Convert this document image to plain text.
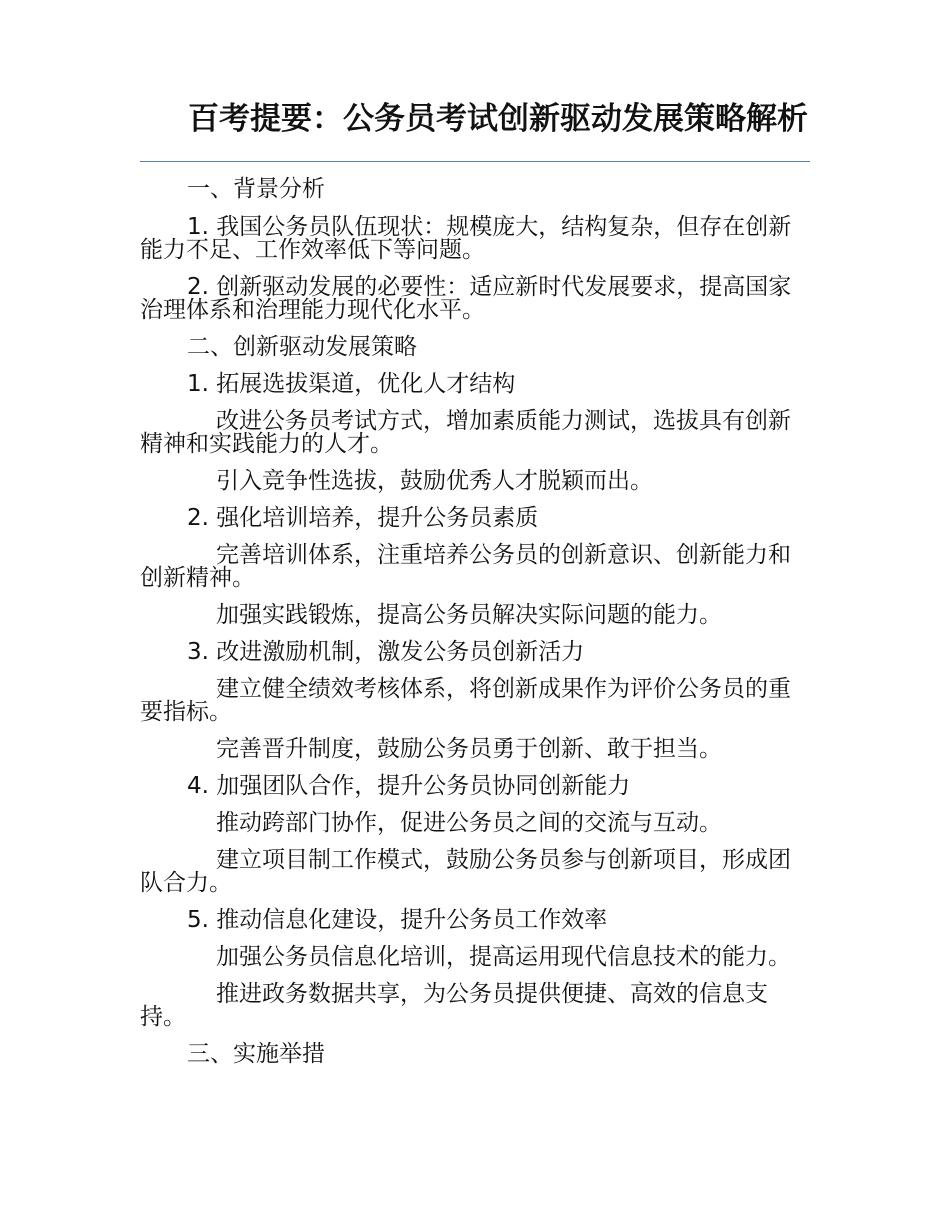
百考提要：公务员考试创新驱动发展策略解析

一、背景分析

1. 我国公务员队伍现状：规模庞大，结构复杂，但存在创新能力不足、工作效率低下等问题。

2. 创新驱动发展的必要性：适应新时代发展要求，提高国家治理体系和治理能力现代化水平。

二、创新驱动发展策略

1. 拓展选拔渠道，优化人才结构

改进公务员考试方式，增加素质能力测试，选拔具有创新精神和实践能力的人才。

引入竞争性选拔，鼓励优秀人才脱颖而出。

2. 强化培训培养，提升公务员素质

完善培训体系，注重培养公务员的创新意识、创新能力和创新精神。

加强实践锻炼，提高公务员解决实际问题的能力。

3. 改进激励机制，激发公务员创新活力

建立健全绩效考核体系，将创新成果作为评价公务员的重要指标。

完善晋升制度，鼓励公务员勇于创新、敢于担当。

4. 加强团队合作，提升公务员协同创新能力

推动跨部门协作，促进公务员之间的交流与互动。

建立项目制工作模式，鼓励公务员参与创新项目，形成团队合力。

5. 推动信息化建设，提升公务员工作效率

加强公务员信息化培训，提高运用现代信息技术的能力。

推进政务数据共享，为公务员提供便捷、高效的信息支持。

三、实施举措
